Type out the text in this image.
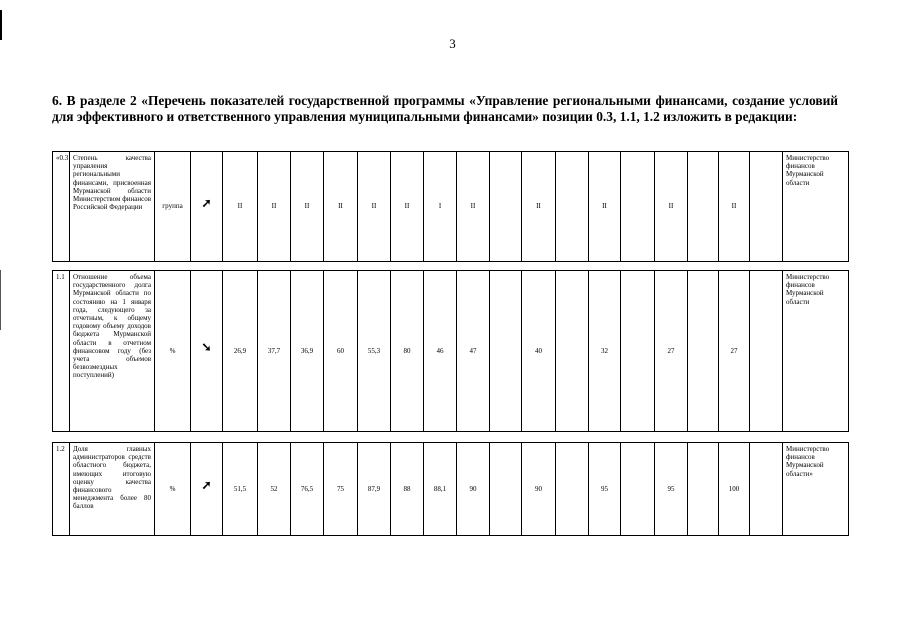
3
6. В разделе 2 «Перечень показателей государственной программы «Управление региональными финансами, создание условий для эффективного и ответственного управления муниципальными финансами» позиции 0.3, 1.1, 1.2 изложить в редакции:
«0.3	Степень качества управления региональными финансами, присвоенная Мурманской области Министерством финансов Российской Федерации	группа	➚	II	II	II	II	II	II	I	II		II		II		II		II		Министерство финансов Мурманской области
1.1	Отношение объема государственного долга Мурманской области по состоянию на 1 января года, следующего за отчетным, к общему годовому объему доходов бюджета Мурманской области в отчетном финансовом году (без учета объемов безвозмездных поступлений)	%	➘	26,9	37,7	36,9	60	55,3	80	46	47		40		32		27		27		Министерство финансов Мурманской области
1.2	Доля главных администраторов средств областного бюджета, имеющих итоговую оценку качества финансового менеджмента более 80 баллов	%	➚	51,5	52	76,5	75	87,9	88	88,1	90		90		95		95		100		Министерство финансов Мурманской области»
